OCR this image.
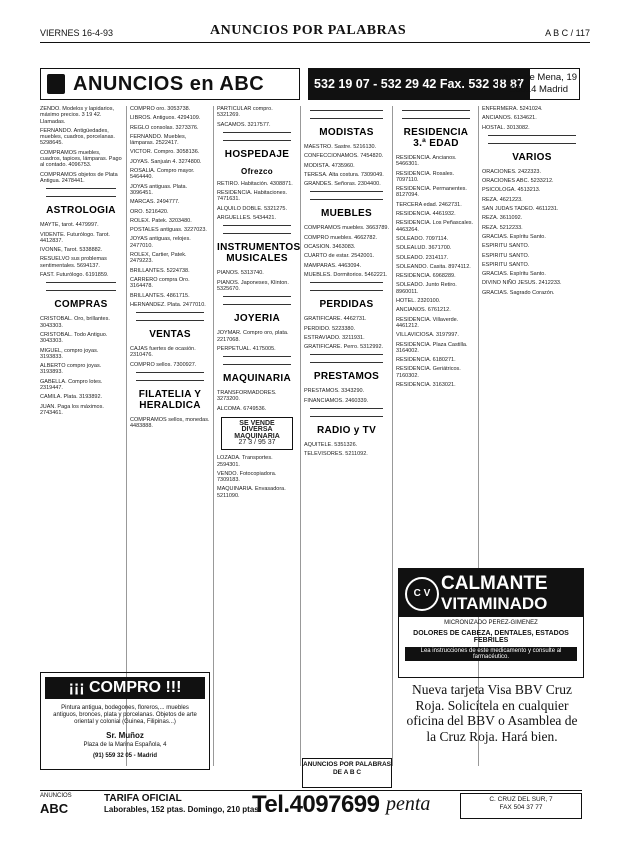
VIERNES 16-4-93	ANUNCIOS POR PALABRAS	A B C / 117
ANUNCIOS en ABC	532 19 07 - 532 29 42 Fax. 532 38 87
Juan de Mena, 19
28014 Madrid

ZENDO. Modelos y lapidarios, máximo precios. 3 19 42. Llamadas.

FERNANDO. Antigüedades, muebles, cuadros, porcelanas. 5298645.

COMPRAMOS muebles, cuadros, tapices, lámparas. Pago al contado. 4096753.

COMPRAMOS objetos de Plata Antigua. 2478441.

ASTROLOGIA

MAYTE, tarot. 4479997.

VIDENTE. Futurólogo. Tarot. 4412837.

IVONNE, Tarot. 5338882.

RESUELVO sus problemas sentimentales. 5694137.

FAST. Futurólogo. 6191859.

COMPRAS

CRISTOBAL. Oro, brillantes. 3043303.

CRISTOBAL. Todo Antiguo. 3043303.

MIGUEL, compro joyas. 3193833.

ALBERTO compro joyas. 3193893.

GABELLA. Compro lotes. 2319447.

CAMILA. Plata. 3193892.

JUAN. Paga los máximos. 2743461.

COMPRO oro. 3053738.

LIBROS. Antiguos. 4294109.

REGLO consolas. 3273376.

FERNANDO. Muebles, lámparas. 2522417.

VICTOR. Compro. 3058136.

JOYAS. Sanjuán 4. 3274800.

ROSALIA. Compro mayor. 5464440.

JOYAS antiguas. Plata. 3096451.

MARCAS. 2494777.

ORO. 5216420.

ROLEX. Patek. 3203480.

POSTALES antiguas. 3227023.

JOYAS antiguas, relojes. 2477010.

ROLEX, Cartier, Patek. 2479223.

BRILLANTES. 5224738.

CARRERO compra Oro. 3164478.

BRILLANTES. 4861715.

HERNANDEZ. Plata. 2477010.

VENTAS

CAJAS fuertes de ocasión. 2310476.

COMPRO sellos. 7300927.

FILATELIA Y HERALDICA

COMPRAMOS sellos, monedas. 4483888.

PARTICULAR compro. 5321269.

SACAMOS. 3217577.

HOSPEDAJE
Ofrezco

RETIRO. Habitación. 4308871.

RESIDENCIA. Habitaciones. 7471631.

ALQUILO DOBLE. 5321275.

ARGUELLES. 5434421.

INSTRUMENTOS MUSICALES

PIANOS. 5313740.

PIANOS. Japoneses, Klinton. 5325670.

JOYERIA

JOYMAR. Compro oro, plata. 2217068.

PERPETUAL. 4175005.

MAQUINARIA

TRANSFORMADORES. 3273200.

ALCOMA. 6749536.

SE VENDE
DIVERSA MAQUINARIA
27 3 / 95 37

LOZADA. Transportes. 2594301.

VENDO. Fotocopiadora. 7309183.

MAQUINARIA. Envasadora. 5211090.

MODISTAS

MAESTRO. Sastre. 5216130.

CONFECCIONAMOS. 7454820.

MODISTA. 4735960.

TERESA. Alta costura. 7309049.

GRANDES. Señoras. 2304400.

MUEBLES

COMPRAMOS muebles. 3663789.

COMPRO muebles. 4662782.

OCASION. 3463083.

CUARTO de estar. 2542001.

MAMPARAS. 4463094.

MUEBLES. Dormitorios. 5462221.

PERDIDAS

GRATIFICARE. 4462731.

PERDIDO. 5223380.

ESTRAVIADO. 3211931.

GRATIFICARE. Perro. 5312992.

PRESTAMOS

PRESTAMOS. 3343290.

FINANCIAMOS. 2460339.

RADIO y TV

AQUITELE. 5351326.

TELEVISORES. 5211092.

RESIDENCIA 3.ª EDAD

RESIDENCIA. Ancianos. 5466301.

RESIDENCIA. Rosales. 7097110.

RESIDENCIA. Permanentes. 8127094.

TERCERA edad. 2462731.

RESIDENCIA. 4461932.

RESIDENCIA. Los Peñascales. 4463264.

SOLEADO. 7097114.

SOLEALUD. 3671700.

SOLEADO. 2314117.

SOLEANDO. Casita. 8974112.

RESIDENCIA. 6968289.

SOLEADO. Junto Retiro. 8960011.

HOTEL. 2320100.

ANCIANOS. 6761212.

RESIDENCIA. Villaverde. 4461212.

VILLAVICIOSA. 3197997.

RESIDENCIA. Plaza Castilla. 3164002.

RESIDENCIA. 6180271.

RESIDENCIA. Geriátricos. 7160302.

RESIDENCIA. 3163021.

ENFERMERA. 5241024.

ANCIANOS. 6134621.

HOSTAL. 3013082.

VARIOS

ORACIONES. 2422323.

ORACIONES ABC. 5233212.

PSICOLOGA. 4513213.

REZA. 4621223.

SAN JUDAS TADEO. 4611231.

REZA. 3611092.

REZA. 5212233.

GRACIAS. Espíritu Santo.

ESPIRITU SANTO.

ESPIRITU SANTO.

ESPIRITU SANTO.

GRACIAS. Espíritu Santo.

DIVINO NIÑO JESUS. 2412233.

GRACIAS. Sagrado Corazón.

¡¡¡ COMPRO !!!
Pintura antigua, bodegones, floreros,... muebles antiguos, bronces, plata y porcelanas. Objetos de arte oriental y colonial (Guinea, Filipinas...)
Sr. Muñoz
Plaza de la Marina Española, 4
(91) 559 32 05 - Madrid
ANUNCIOS POR PALABRAS DE A B C
C V CALMANTE
VITAMINADO
MICRONIZADO PEREZ-GIMENEZ
DOLORES DE CABEZA, DENTALES, ESTADOS FEBRILES
Lea instrucciones de este medicamento y consulte al farmacéutico.
Nueva tarjeta Visa BBV Cruz Roja. Solicítela en cualquier oficina del BBV o Asamblea de la Cruz Roja. Hará bien.
ANUNCIOS
ABC
TARIFA OFICIAL
Laborables, 152 ptas. Domingo, 210 ptas.
Tel.4097699 penta	C. CRUZ DEL SUR, 7
FAX 504 37 77
